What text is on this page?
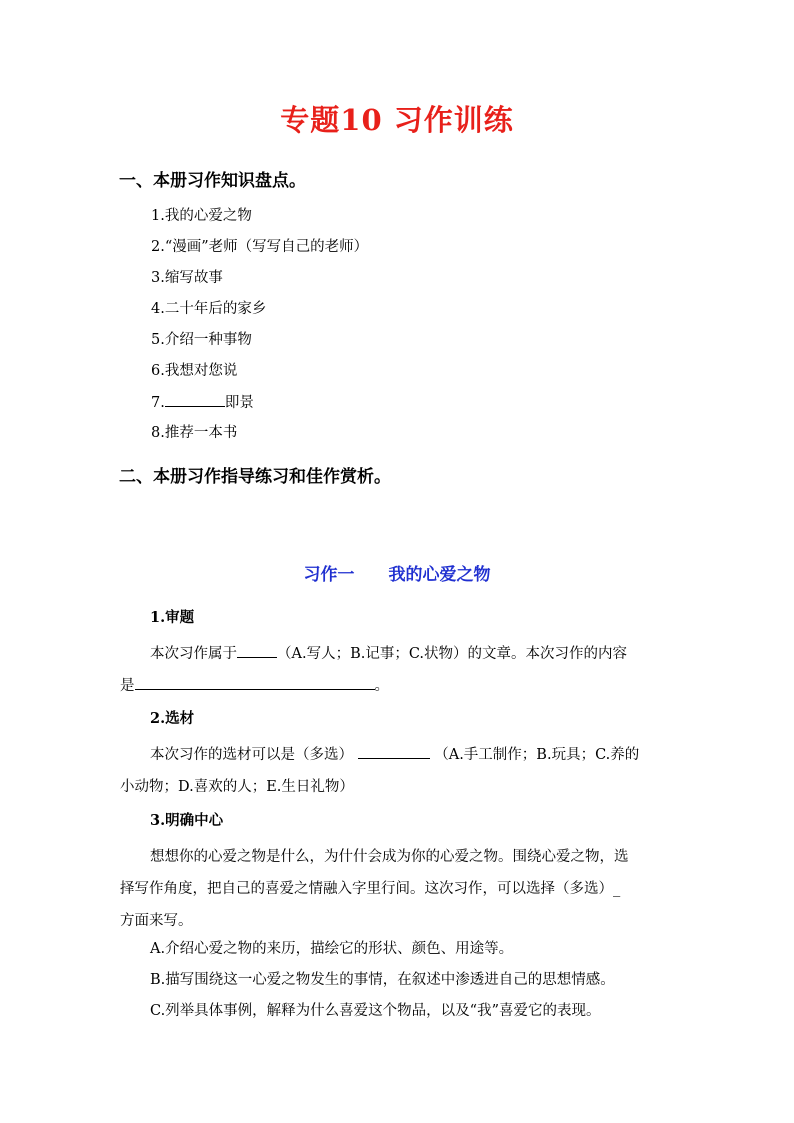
专题10 习作训练
一、本册习作知识盘点。
1.我的心爱之物
2.“漫画”老师（写写自己的老师）
3.缩写故事
4.二十年后的家乡
5.介绍一种事物
6.我想对您说
7.	即景
8.推荐一本书
二、本册习作指导练习和佳作赏析。
习作一 我的心爱之物
1.审题

本次习作属于	（A.写人；B.记事；C.状物）的文章。本次习作的内容
是	。

2.选材

本次习作的选材可以是（多选）	（A.手工制作；B.玩具；C.养的
小动物；D.喜欢的人；E.生日礼物）

3.明确中心

想想你的心爱之物是什么，为什什会成为你的心爱之物。围绕心爱之物，选
择写作角度，把自己的喜爱之情融入字里行间。这次习作，可以选择（多选）_
方面来写。

A.介绍心爱之物的来历，描绘它的形状、颜色、用途等。
B.描写围绕这一心爱之物发生的事情，在叙述中渗透进自己的思想情感。
C.列举具体事例，解释为什么喜爱这个物品，以及“我”喜爱它的表现。
